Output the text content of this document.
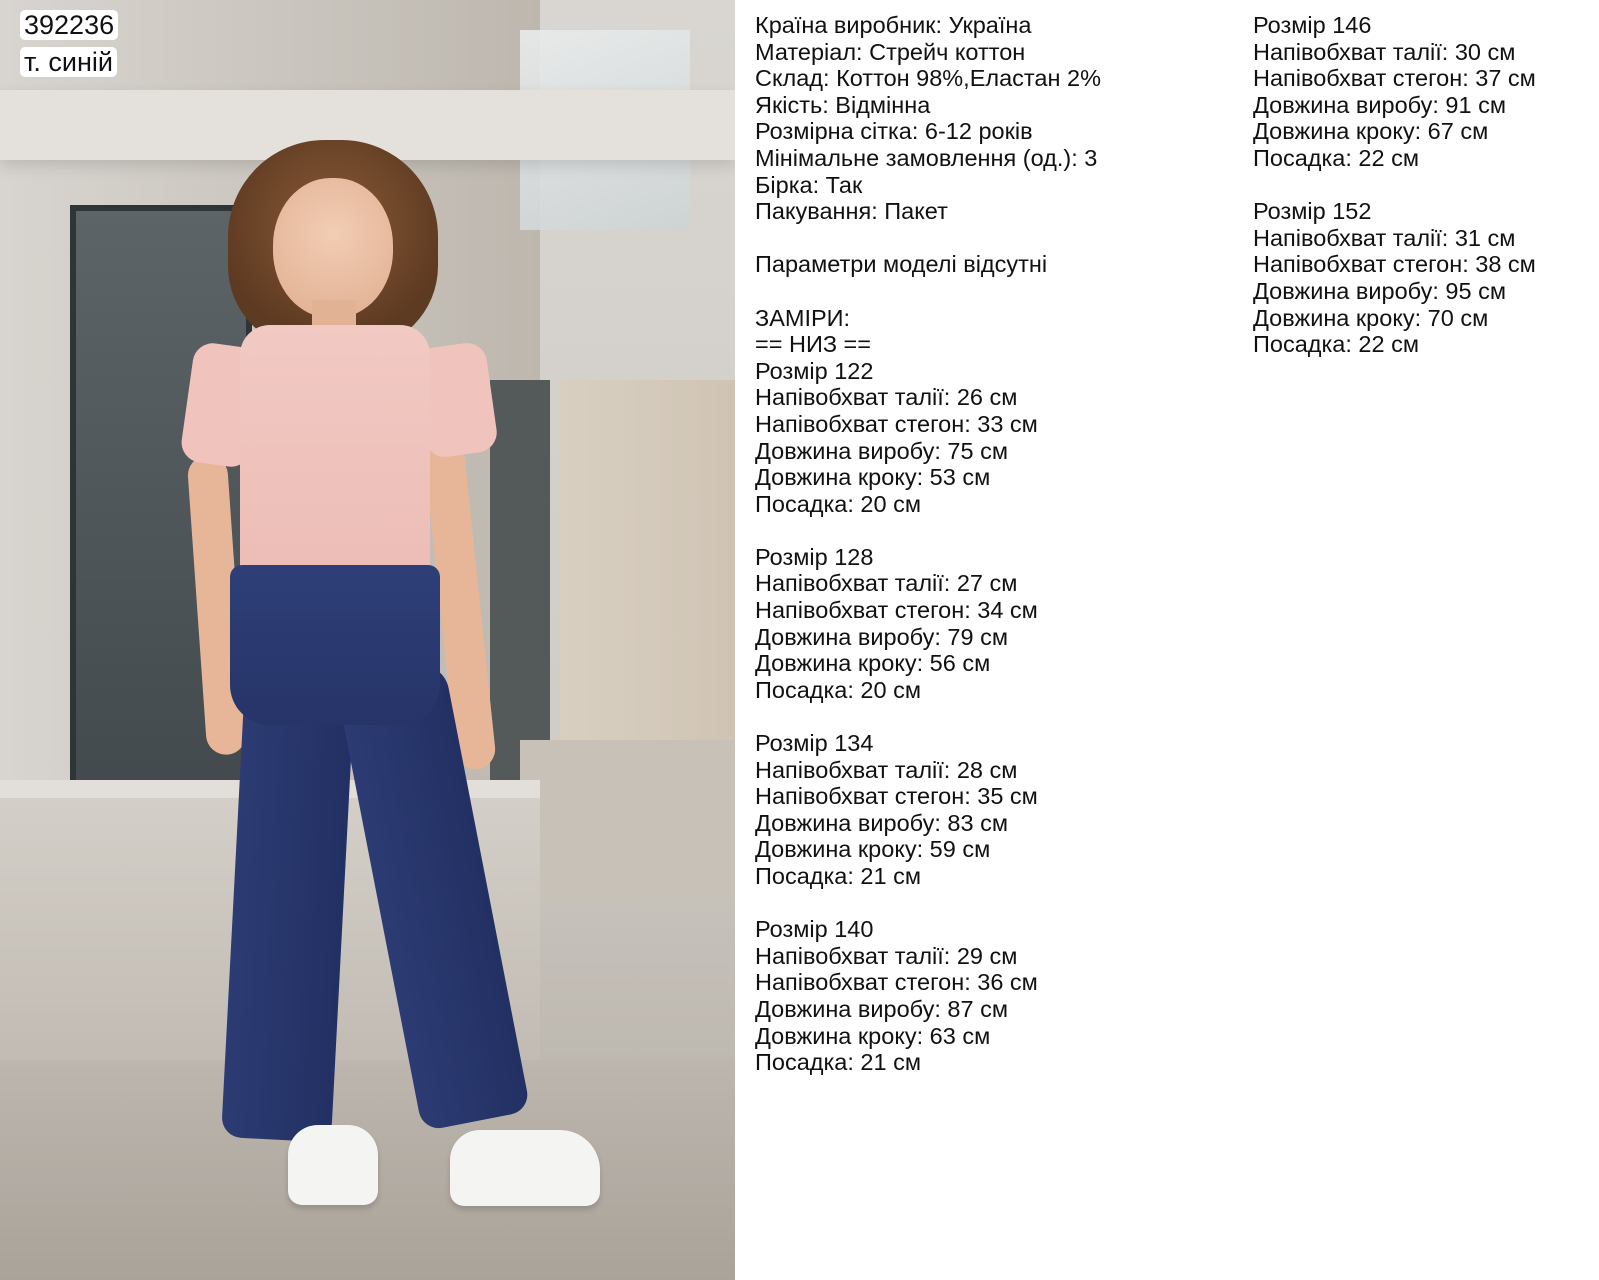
392236
т. синій
Країна виробник: Україна
Матеріал: Стрейч коттон
Склад: Коттон 98%,Еластан 2%
Якість: Відмінна
Розмірна сітка: 6-12 років
Мінімальне замовлення (од.): 3
Бірка: Так
Пакування: Пакет
Параметри моделі відсутні
ЗАМІРИ:
== НИЗ ==
Розмір 122
Напівобхват талії: 26 см
Напівобхват стегон: 33 см
Довжина виробу: 75 см
Довжина кроку: 53 см
Посадка: 20 см
Розмір 128
Напівобхват талії: 27 см
Напівобхват стегон: 34 см
Довжина виробу: 79 см
Довжина кроку: 56 см
Посадка: 20 см
Розмір 134
Напівобхват талії: 28 см
Напівобхват стегон: 35 см
Довжина виробу: 83 см
Довжина кроку: 59 см
Посадка: 21 см
Розмір 140
Напівобхват талії: 29 см
Напівобхват стегон: 36 см
Довжина виробу: 87 см
Довжина кроку: 63 см
Посадка: 21 см
Розмір 146
Напівобхват талії: 30 см
Напівобхват стегон: 37 см
Довжина виробу: 91 см
Довжина кроку: 67 см
Посадка: 22 см
Розмір 152
Напівобхват талії: 31 см
Напівобхват стегон: 38 см
Довжина виробу: 95 см
Довжина кроку: 70 см
Посадка: 22 см
